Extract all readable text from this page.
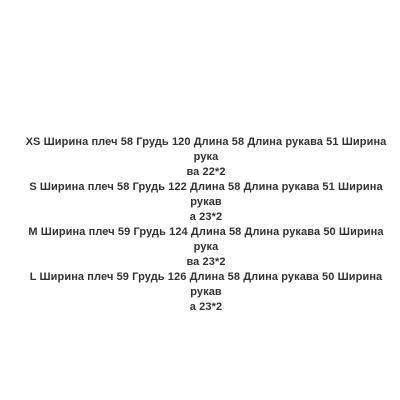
XS Ширина плеч 58 Грудь 120 Длина 58 Длина рукава 51 Ширина рука

ва 22*2

S Ширина плеч 58 Грудь 122 Длина 58 Длина рукава 51 Ширина рукав

а 23*2

M Ширина плеч 59 Грудь 124 Длина 58 Длина рукава 50 Ширина рука

ва 23*2

L Ширина плеч 59 Грудь 126 Длина 58 Длина рукава 50 Ширина рукав

а 23*2
